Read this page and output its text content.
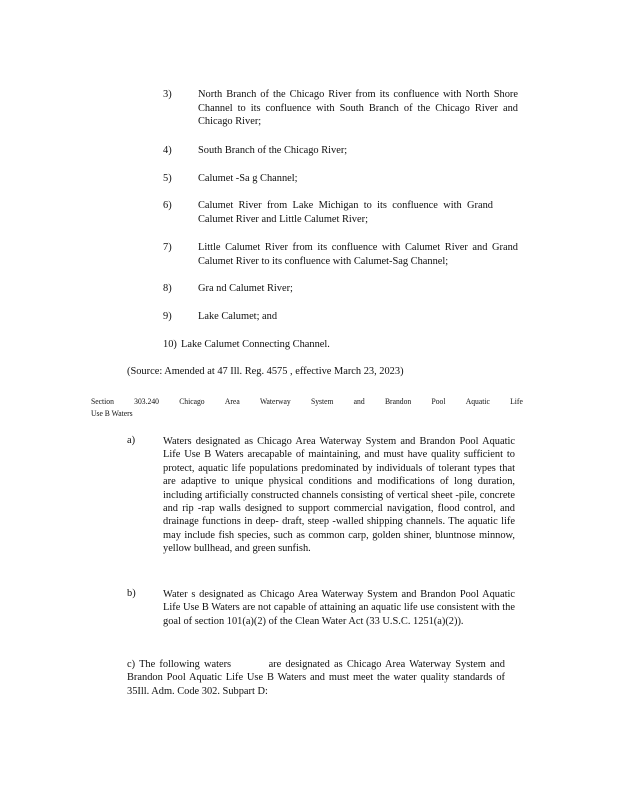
3)	North Branch of the Chicago River from its confluence with North Shore Channel to its confluence with South Branch of the Chicago River and Chicago River;
4)	South Branch of the Chicago River;
5)	Calumet -Sa g Channel;
6)	Calumet River from Lake Michigan to its confluence with Grand Calumet River and Little Calumet River;
7)	Little Calumet River from its confluence with Calumet River and Grand Calumet River to its confluence with Calumet-Sag Channel;
8)	Gra nd Calumet River;
9)	Lake Calumet; and
10) Lake Calumet Connecting Channel.
(Source: Amended at 47 Ill. Reg. 4575 , effective March 23, 2023)
Section 303.240 Chicago Area Waterway System and Brandon Pool Aquatic Life
Use B Waters
a)	Waters designated as Chicago Area Waterway System and Brandon Pool Aquatic Life Use B Waters arecapable of maintaining, and must have quality sufficient to protect, aquatic life populations predominated by individuals of tolerant types that are adaptive to unique physical conditions and modifications of long duration, including artificially constructed channels consisting of vertical sheet -pile, concrete and rip -rap walls designed to support commercial navigation, flood control, and drainage functions in deep- draft, steep -walled shipping channels. The aquatic life may include fish species, such as common carp, golden shiner, bluntnose minnow, yellow bullhead, and green sunfish.
b)	Water s designated as Chicago Area Waterway System and Brandon Pool Aquatic Life Use B Waters are not capable of attaining an aquatic life use consistent with the goal of section 101(a)(2) of the Clean Water Act (33 U.S.C. 1251(a)(2)).
c) The following waters	are designated as Chicago Area Waterway System and Brandon Pool Aquatic Life Use B Waters and must meet the water quality standards of 35Ill. Adm. Code 302. Subpart D:
